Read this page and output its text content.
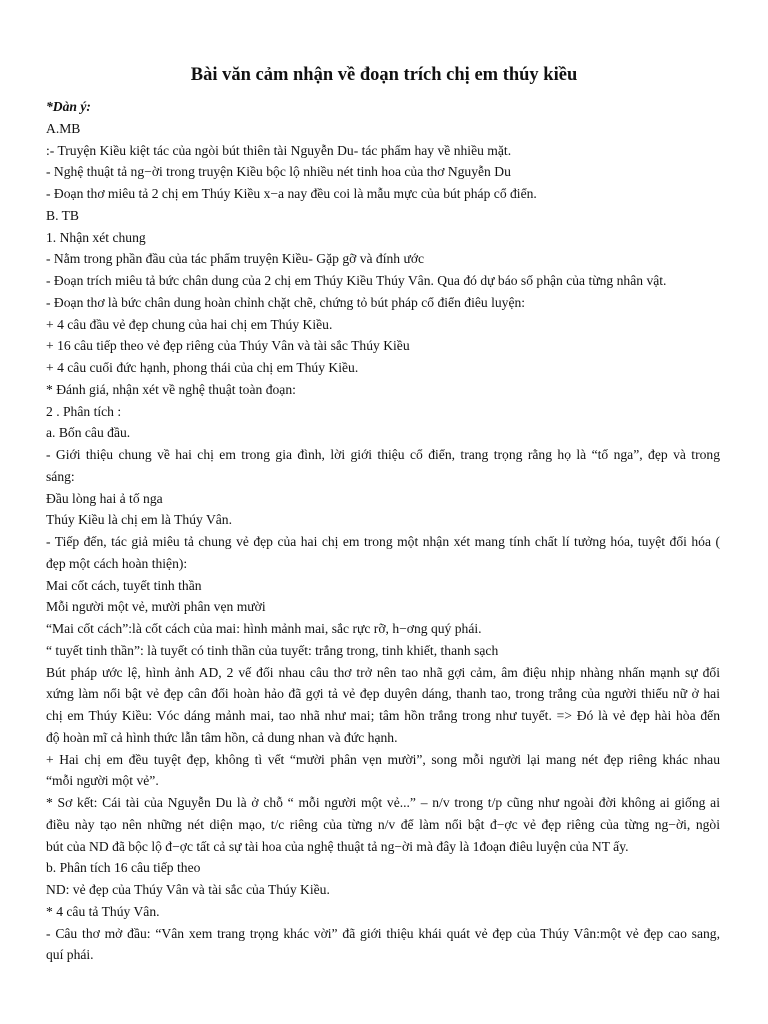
Bài văn cảm nhận về đoạn trích chị em thúy kiều
*Dàn ý:
A.MB
:- Truyện Kiều kiệt tác của ngòi bút thiên tài Nguyễn Du- tác phẩm hay về nhiều mặt.
- Nghệ thuật tả ng−ời trong truyện Kiều bộc lộ nhiều nét tinh hoa của thơ Nguyễn Du
- Đoạn thơ miêu tả 2 chị em Thúy Kiều x−a nay đều coi là mẫu mực của bút pháp cổ điển.
B. TB
1. Nhận xét chung
- Nằm trong phần đầu của tác phẩm truyện Kiều- Gặp gỡ và đính ước
- Đoạn trích miêu tả bức chân dung của 2 chị em Thúy Kiều Thúy Vân. Qua đó dự báo số phận của từng nhân vật.
- Đoạn thơ là bức chân dung hoàn chỉnh chặt chẽ, chứng tỏ bút pháp cổ điển điêu luyện:
+ 4 câu đầu vẻ đẹp chung của hai chị em Thúy Kiều.
+ 16 câu tiếp theo vẻ đẹp riêng của Thúy Vân và tài sắc Thúy Kiều
+ 4 câu cuối đức hạnh, phong thái của chị em Thúy Kiều.
* Đánh giá, nhận xét về nghệ thuật toàn đoạn:
2 . Phân tích :
a. Bốn câu đầu.
- Giới thiệu chung về hai chị em trong gia đình, lời giới thiệu cổ điển, trang trọng rằng họ là “tố nga”, đẹp và trong
sáng:
Đầu lòng hai ả tố nga
Thúy Kiều là chị em là Thúy Vân.
- Tiếp đến, tác giả miêu tả chung vẻ đẹp của hai chị em trong một nhận xét mang tính chất lí tưởng hóa, tuyệt đối hóa (
đẹp một cách hoàn thiện):
Mai cốt cách, tuyết tinh thần
Mỗi người một vẻ, mười phân vẹn mười
“Mai cốt cách”:là cốt cách của mai: hình mảnh mai, sắc rực rỡ, h−ơng quý phái.
“ tuyết tinh thần”: là tuyết có tinh thần của tuyết: trắng trong, tinh khiết, thanh sạch
Bút pháp ước lệ, hình ảnh AD, 2 vế đối nhau câu thơ trở nên tao nhã gợi cảm, âm điệu nhịp nhàng nhấn mạnh sự đối
xứng làm nổi bật vẻ đẹp cân đối hoàn hảo đã gợi tả vẻ đẹp duyên dáng, thanh tao, trong trắng của người thiếu nữ ở hai
chị em Thúy Kiều: Vóc dáng mảnh mai, tao nhã như mai; tâm hồn trắng trong như tuyết. => Đó là vẻ đẹp hài hòa đến
độ hoàn mĩ cả hình thức lẫn tâm hồn, cả dung nhan và đức hạnh.
+ Hai chị em đều tuyệt đẹp, không tì vết “mười phân vẹn mười”, song mỗi người lại mang nét đẹp riêng khác nhau
“mỗi người một vẻ”.
* Sơ kết: Cái tài của Nguyễn Du là ở chỗ “ mỗi người một vẻ...” – n/v trong t/p cũng như ngoài đời không ai giống ai
điều này tạo nên những nét diện mạo, t/c riêng của từng n/v để làm nổi bật đ−ợc vẻ đẹp riêng của từng ng−ời, ngòi
bút của ND đã bộc lộ đ−ợc tất cả sự tài hoa của nghệ thuật tả ng−ời mà đây là 1đoạn điêu luyện của NT ấy.
b. Phân tích 16 câu tiếp theo
ND: vẻ đẹp của Thúy Vân và tài sắc của Thúy Kiều.
* 4 câu tả Thúy Vân.
- Câu thơ mở đầu: “Vân xem trang trọng khác vời” đã giới thiệu khái quát vẻ đẹp của Thúy Vân:một vẻ đẹp cao sang,
quí phái.
